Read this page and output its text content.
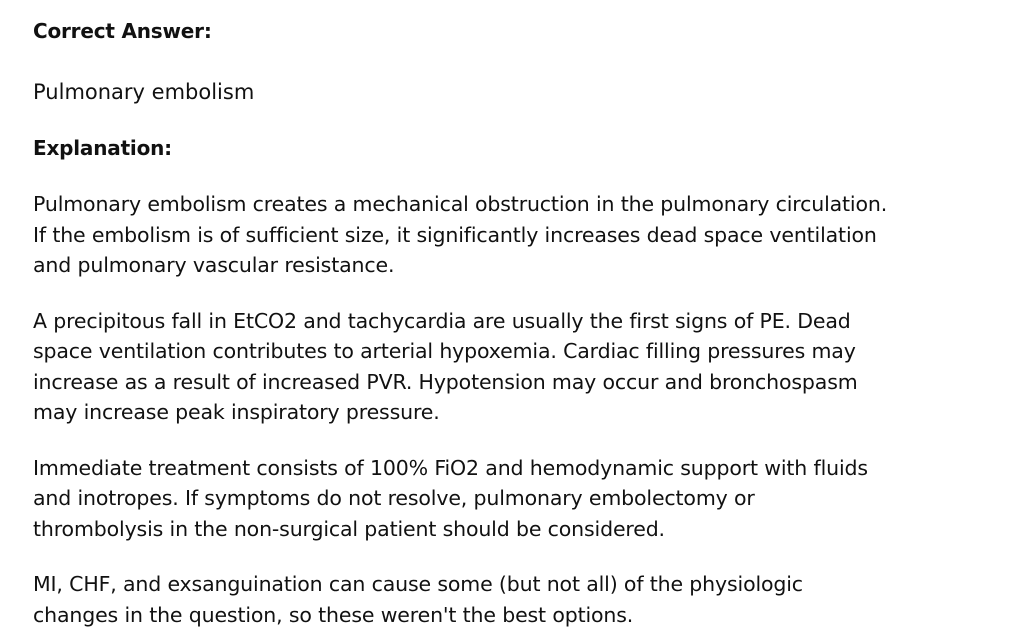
Correct Answer:

Pulmonary embolism

Explanation:

Pulmonary embolism creates a mechanical obstruction in the pulmonary circulation.
If the embolism is of sufficient size, it significantly increases dead space ventilation
and pulmonary vascular resistance.

A precipitous fall in EtCO2 and tachycardia are usually the first signs of PE. Dead
space ventilation contributes to arterial hypoxemia. Cardiac filling pressures may
increase as a result of increased PVR. Hypotension may occur and bronchospasm
may increase peak inspiratory pressure.

Immediate treatment consists of 100% FiO2 and hemodynamic support with fluids
and inotropes. If symptoms do not resolve, pulmonary embolectomy or
thrombolysis in the non-surgical patient should be considered.

MI, CHF, and exsanguination can cause some (but not all) of the physiologic
changes in the question, so these weren't the best options.
